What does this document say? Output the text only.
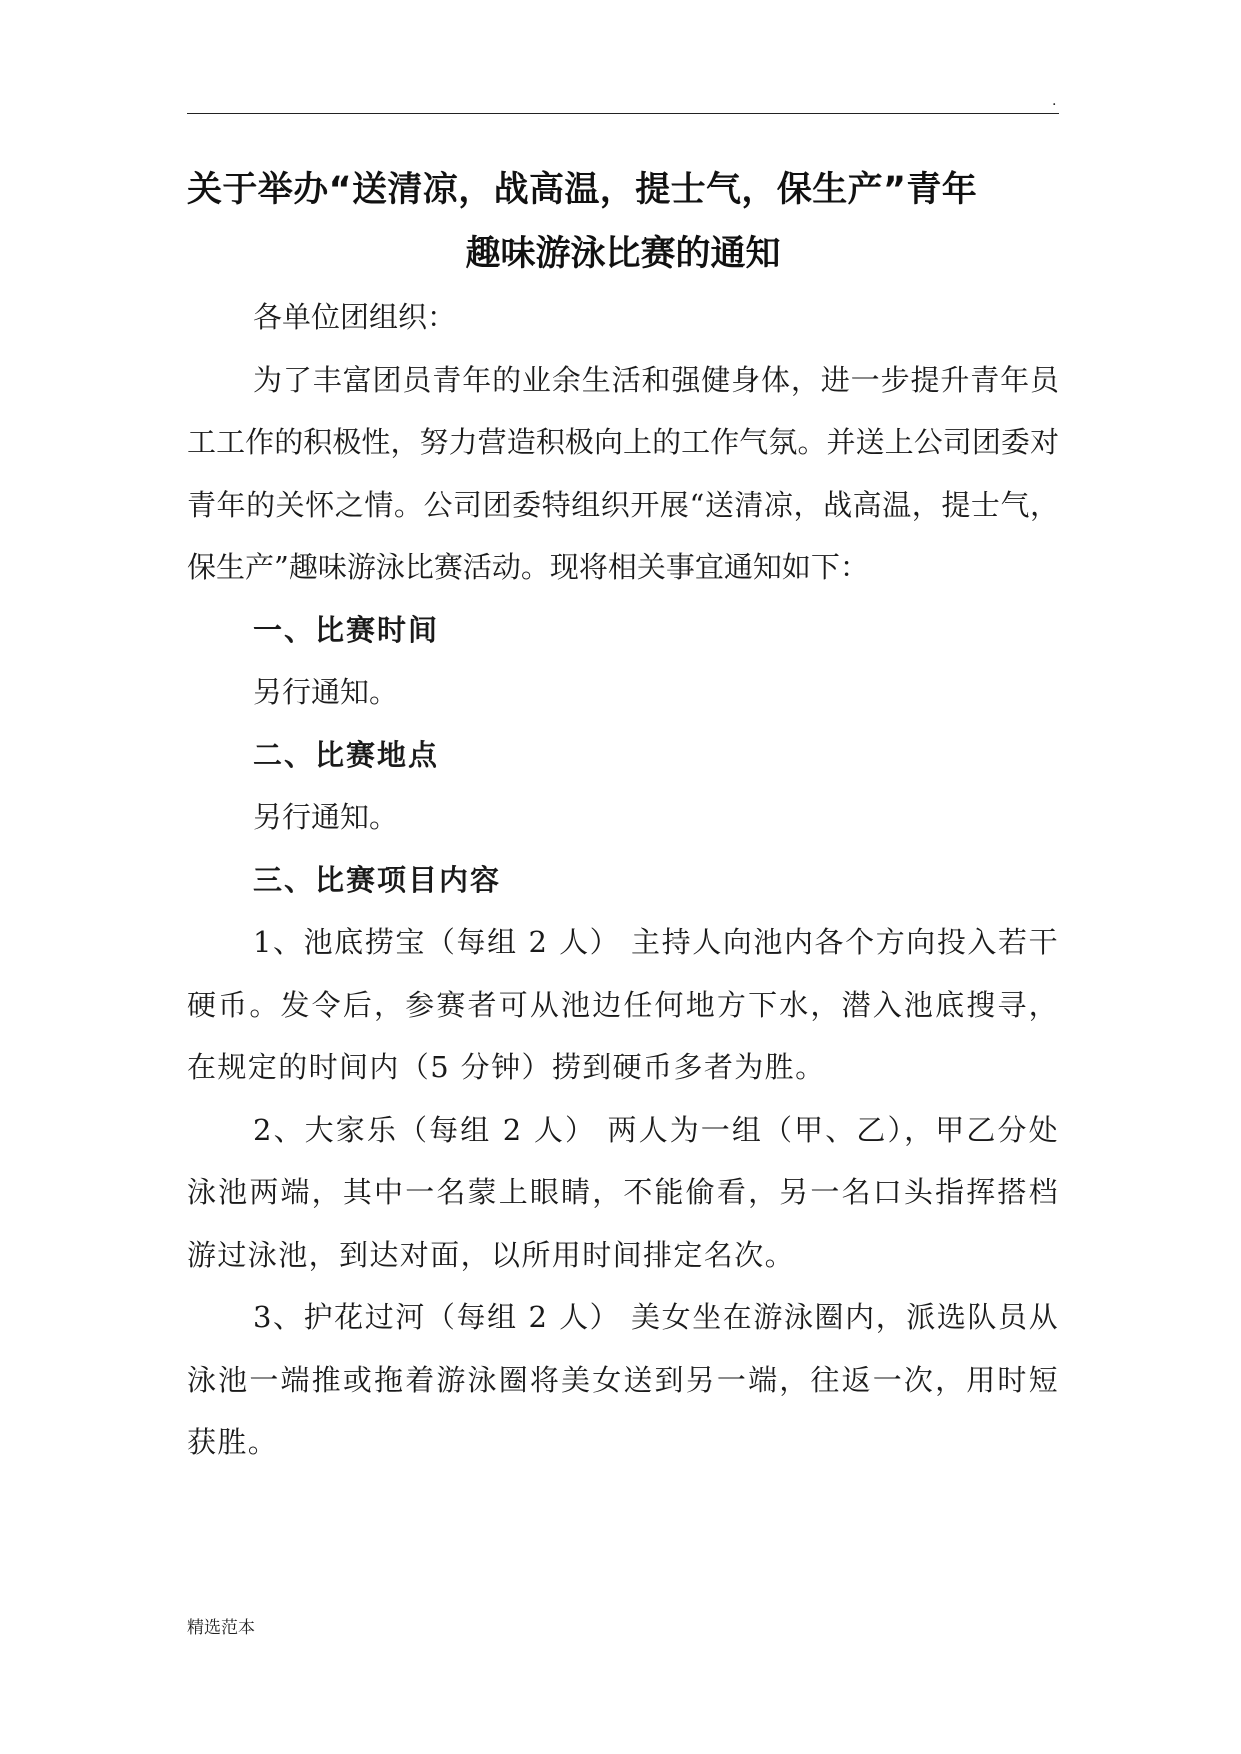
.
关于举办“送清凉，战高温，提士气，保生产”青年
趣味游泳比赛的通知

各单位团组织：

为了丰富团员青年的业余生活和强健身体，进一步提升青年员工工作的积极性，努力营造积极向上的工作气氛。并送上公司团委对青年的关怀之情。公司团委特组织开展“送清凉，战高温，提士气，保生产”趣味游泳比赛活动。现将相关事宜通知如下：

一、比赛时间

另行通知。

二、比赛地点

另行通知。

三、比赛项目内容

1、池底捞宝（每组 2 人） 主持人向池内各个方向投入若干硬币。发令后，参赛者可从池边任何地方下水，潜入池底搜寻，在规定的时间内（5 分钟）捞到硬币多者为胜。

2、大家乐（每组 2 人） 两人为一组（甲、乙），甲乙分处泳池两端，其中一名蒙上眼睛，不能偷看，另一名口头指挥搭档游过泳池，到达对面，以所用时间排定名次。

3、护花过河（每组 2 人） 美女坐在游泳圈内，派选队员从泳池一端推或拖着游泳圈将美女送到另一端，往返一次，用时短获胜。

精选范本
